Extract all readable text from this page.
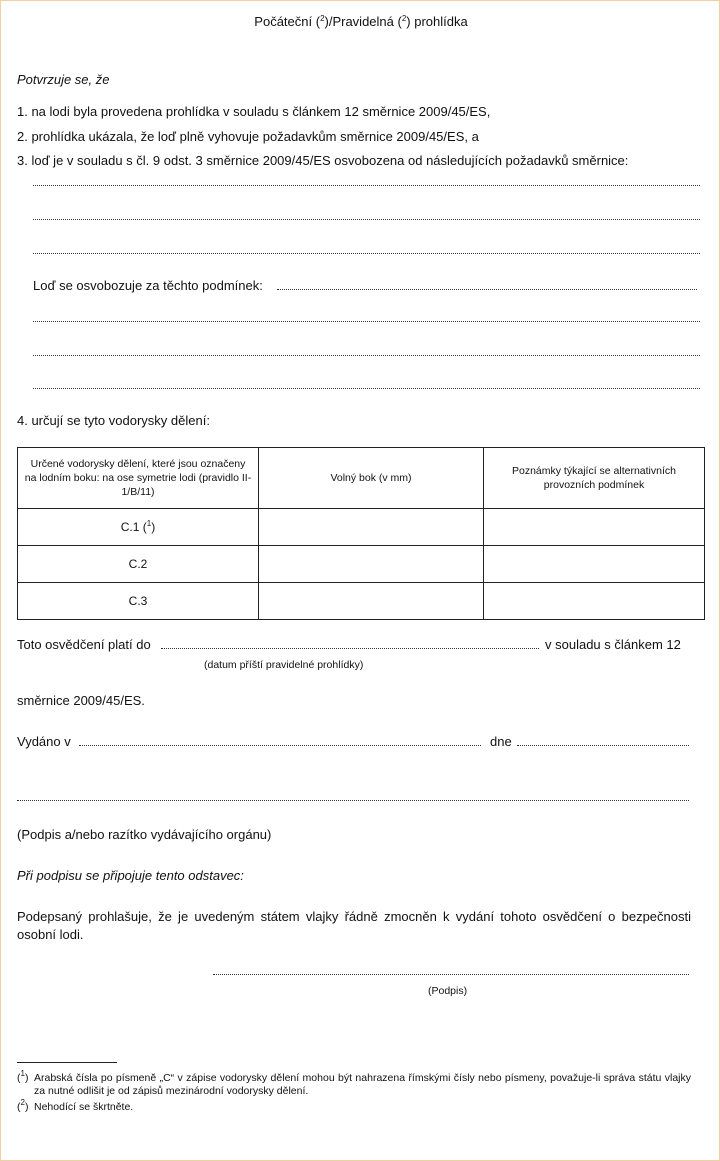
Počáteční ($^2$)/Pravidelná ($^2$) prohlídka
Potvrzuje se, že
1. na lodi byla provedena prohlídka v souladu s článkem 12 směrnice 2009/45/ES,
2. prohlídka ukázala, že loď plně vyhovuje požadavkům směrnice 2009/45/ES, a
3. loď je v souladu s čl. 9 odst. 3 směrnice 2009/45/ES osvobozena od následujících požadavků směrnice:
Loď se osvobozuje za těchto podmínek:
4. určují se tyto vodoryskу dělení:
Určené vodorysky dělení, které jsou označeny na lodním boku: na ose symetrie lodi (pravidlo II-1/B/11)	Volný bok (v mm)	Poznámky týkající se alternativních provozních podmínek
C.1 ($^1$)		
C.2		
C.3		
Toto osvědčení platí do	v souladu s článkem 12
(datum příští pravidelné prohlídky)
směrnice 2009/45/ES.
Vydáno v	dne
(Podpis a/nebo razítko vydávajícího orgánu)
Při podpisu se připojuje tento odstavec:
Podepsaný prohlašuje, že je uvedeným státem vlajky řádně zmocněn k vydání tohoto osvědčení o bezpečnosti osobní lodi.
(Podpis)
($^1$) Arabská čísla po písmenĕ „C“ v zápise vodorysky dělení mohou být nahrazena římskými čísly nebo písmeny, považuje-li správa státu vlajky za nutné odlišit je od zápisů mezinárodní vodorysky dělení.
($^2$) Nehodící se škrtněte.
